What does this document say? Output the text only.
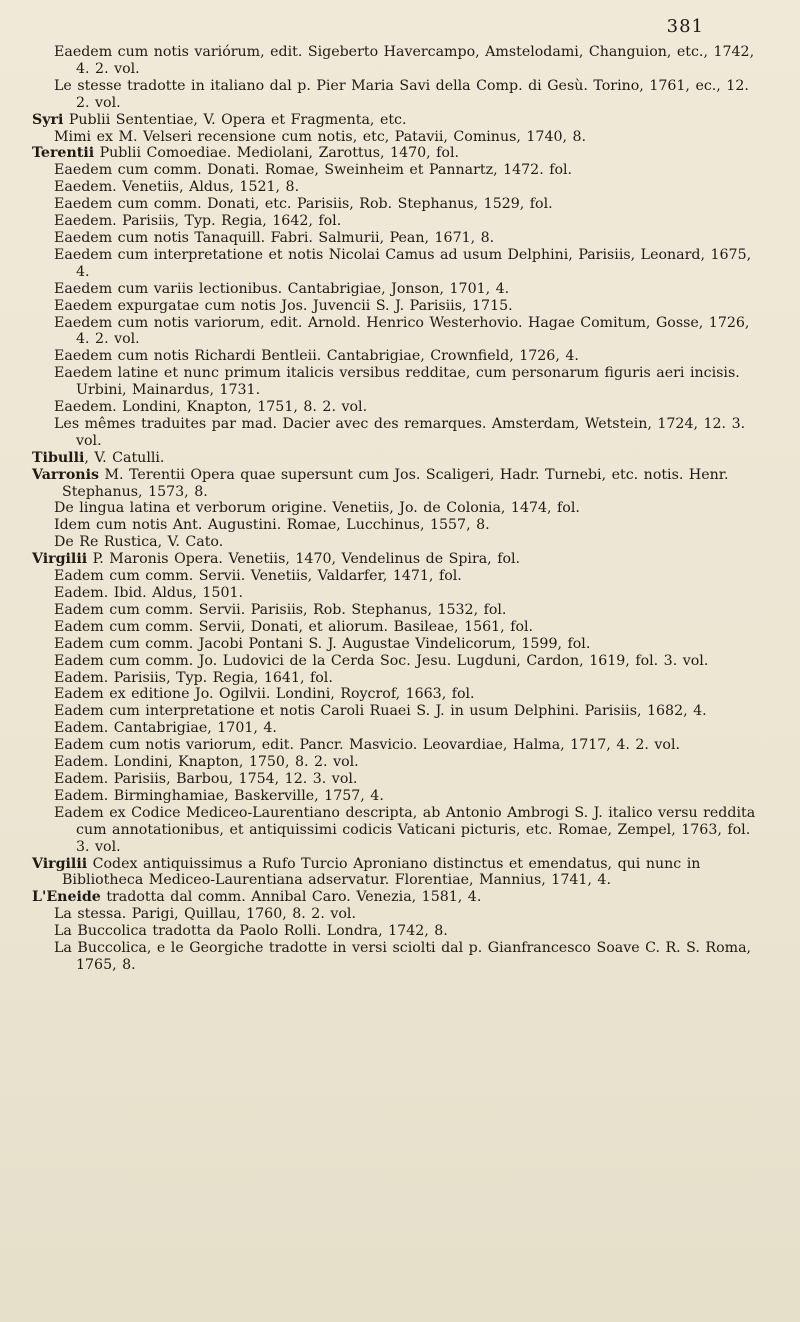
381
Eaedem cum notis variórum, edit. Sigeberto Havercampo, Amstelodami, Changuion, etc., 1742, 4. 2. vol.
Le stesse tradotte in italiano dal p. Pier Maria Savi della Comp. di Gesù. Torino, 1761, ec., 12. 2. vol.
Syri Publii Sententiae, V. Opera et Fragmenta, etc.
Mimi ex M. Velseri recensione cum notis, etc, Patavii, Cominus, 1740, 8.
Terentii Publii Comoediae. Mediolani, Zarottus, 1470, fol.
Eaedem cum comm. Donati. Romae, Sweinheim et Pannartz, 1472. fol.
Eaedem. Venetiis, Aldus, 1521, 8.
Eaedem cum comm. Donati, etc. Parisiis, Rob. Stephanus, 1529, fol.
Eaedem. Parisiis, Typ. Regia, 1642, fol.
Eaedem cum notis Tanaquill. Fabri. Salmurii, Pean, 1671, 8.
Eaedem cum interpretatione et notis Nicolai Camus ad usum Delphini, Parisiis, Leonard, 1675, 4.
Eaedem cum variis lectionibus. Cantabrigiae, Jonson, 1701, 4.
Eaedem expurgatae cum notis Jos. Juvencii S. J. Parisiis, 1715.
Eaedem cum notis variorum, edit. Arnold. Henrico Westerhovio. Hagae Comitum, Gosse, 1726, 4. 2. vol.
Eaedem cum notis Richardi Bentleii. Cantabrigiae, Crownfield, 1726, 4.
Eaedem latine et nunc primum italicis versibus redditae, cum personarum figuris aeri incisis. Urbini, Mainardus, 1731.
Eaedem. Londini, Knapton, 1751, 8. 2. vol.
Les mêmes traduites par mad. Dacier avec des remarques. Amsterdam, Wetstein, 1724, 12. 3. vol.
Tibulli, V. Catulli.
Varronis M. Terentii Opera quae supersunt cum Jos. Scaligeri, Hadr. Turnebi, etc. notis. Henr. Stephanus, 1573, 8.
De lingua latina et verborum origine. Venetiis, Jo. de Colonia, 1474, fol.
Idem cum notis Ant. Augustini. Romae, Lucchinus, 1557, 8.
De Re Rustica, V. Cato.
Virgilii P. Maronis Opera. Venetiis, 1470, Vendelinus de Spira, fol.
Eadem cum comm. Servii. Venetiis, Valdarfer, 1471, fol.
Eadem. Ibid. Aldus, 1501.
Eadem cum comm. Servii. Parisiis, Rob. Stephanus, 1532, fol.
Eadem cum comm. Servii, Donati, et aliorum. Basileae, 1561, fol.
Eadem cum comm. Jacobi Pontani S. J. Augustae Vindelicorum, 1599, fol.
Eadem cum comm. Jo. Ludovici de la Cerda Soc. Jesu. Lugduni, Cardon, 1619, fol. 3. vol.
Eadem. Parisiis, Typ. Regia, 1641, fol.
Eadem ex editione Jo. Ogilvii. Londini, Roycrof, 1663, fol.
Eadem cum interpretatione et notis Caroli Ruaei S. J. in usum Delphini. Parisiis, 1682, 4.
Eadem. Cantabrigiae, 1701, 4.
Eadem cum notis variorum, edit. Pancr. Masvicio. Leovardiae, Halma, 1717, 4. 2. vol.
Eadem. Londini, Knapton, 1750, 8. 2. vol.
Eadem. Parisiis, Barbou, 1754, 12. 3. vol.
Eadem. Birminghamiae, Baskerville, 1757, 4.
Eadem ex Codice Mediceo-Laurentiano descripta, ab Antonio Ambrogi S. J. italico versu reddita cum annotationibus, et antiquissimi codicis Vaticani picturis, etc. Romae, Zempel, 1763, fol. 3. vol.
Virgilii Codex antiquissimus a Rufo Turcio Aproniano distinctus et emendatus, qui nunc in Bibliotheca Mediceo-Laurentiana adservatur. Florentiae, Mannius, 1741, 4.
L'Eneide tradotta dal comm. Annibal Caro. Venezia, 1581, 4.
La stessa. Parigi, Quillau, 1760, 8. 2. vol.
La Buccolica tradotta da Paolo Rolli. Londra, 1742, 8.
La Buccolica, e le Georgiche tradotte in versi sciolti dal p. Gianfrancesco Soave C. R. S. Roma, 1765, 8.
